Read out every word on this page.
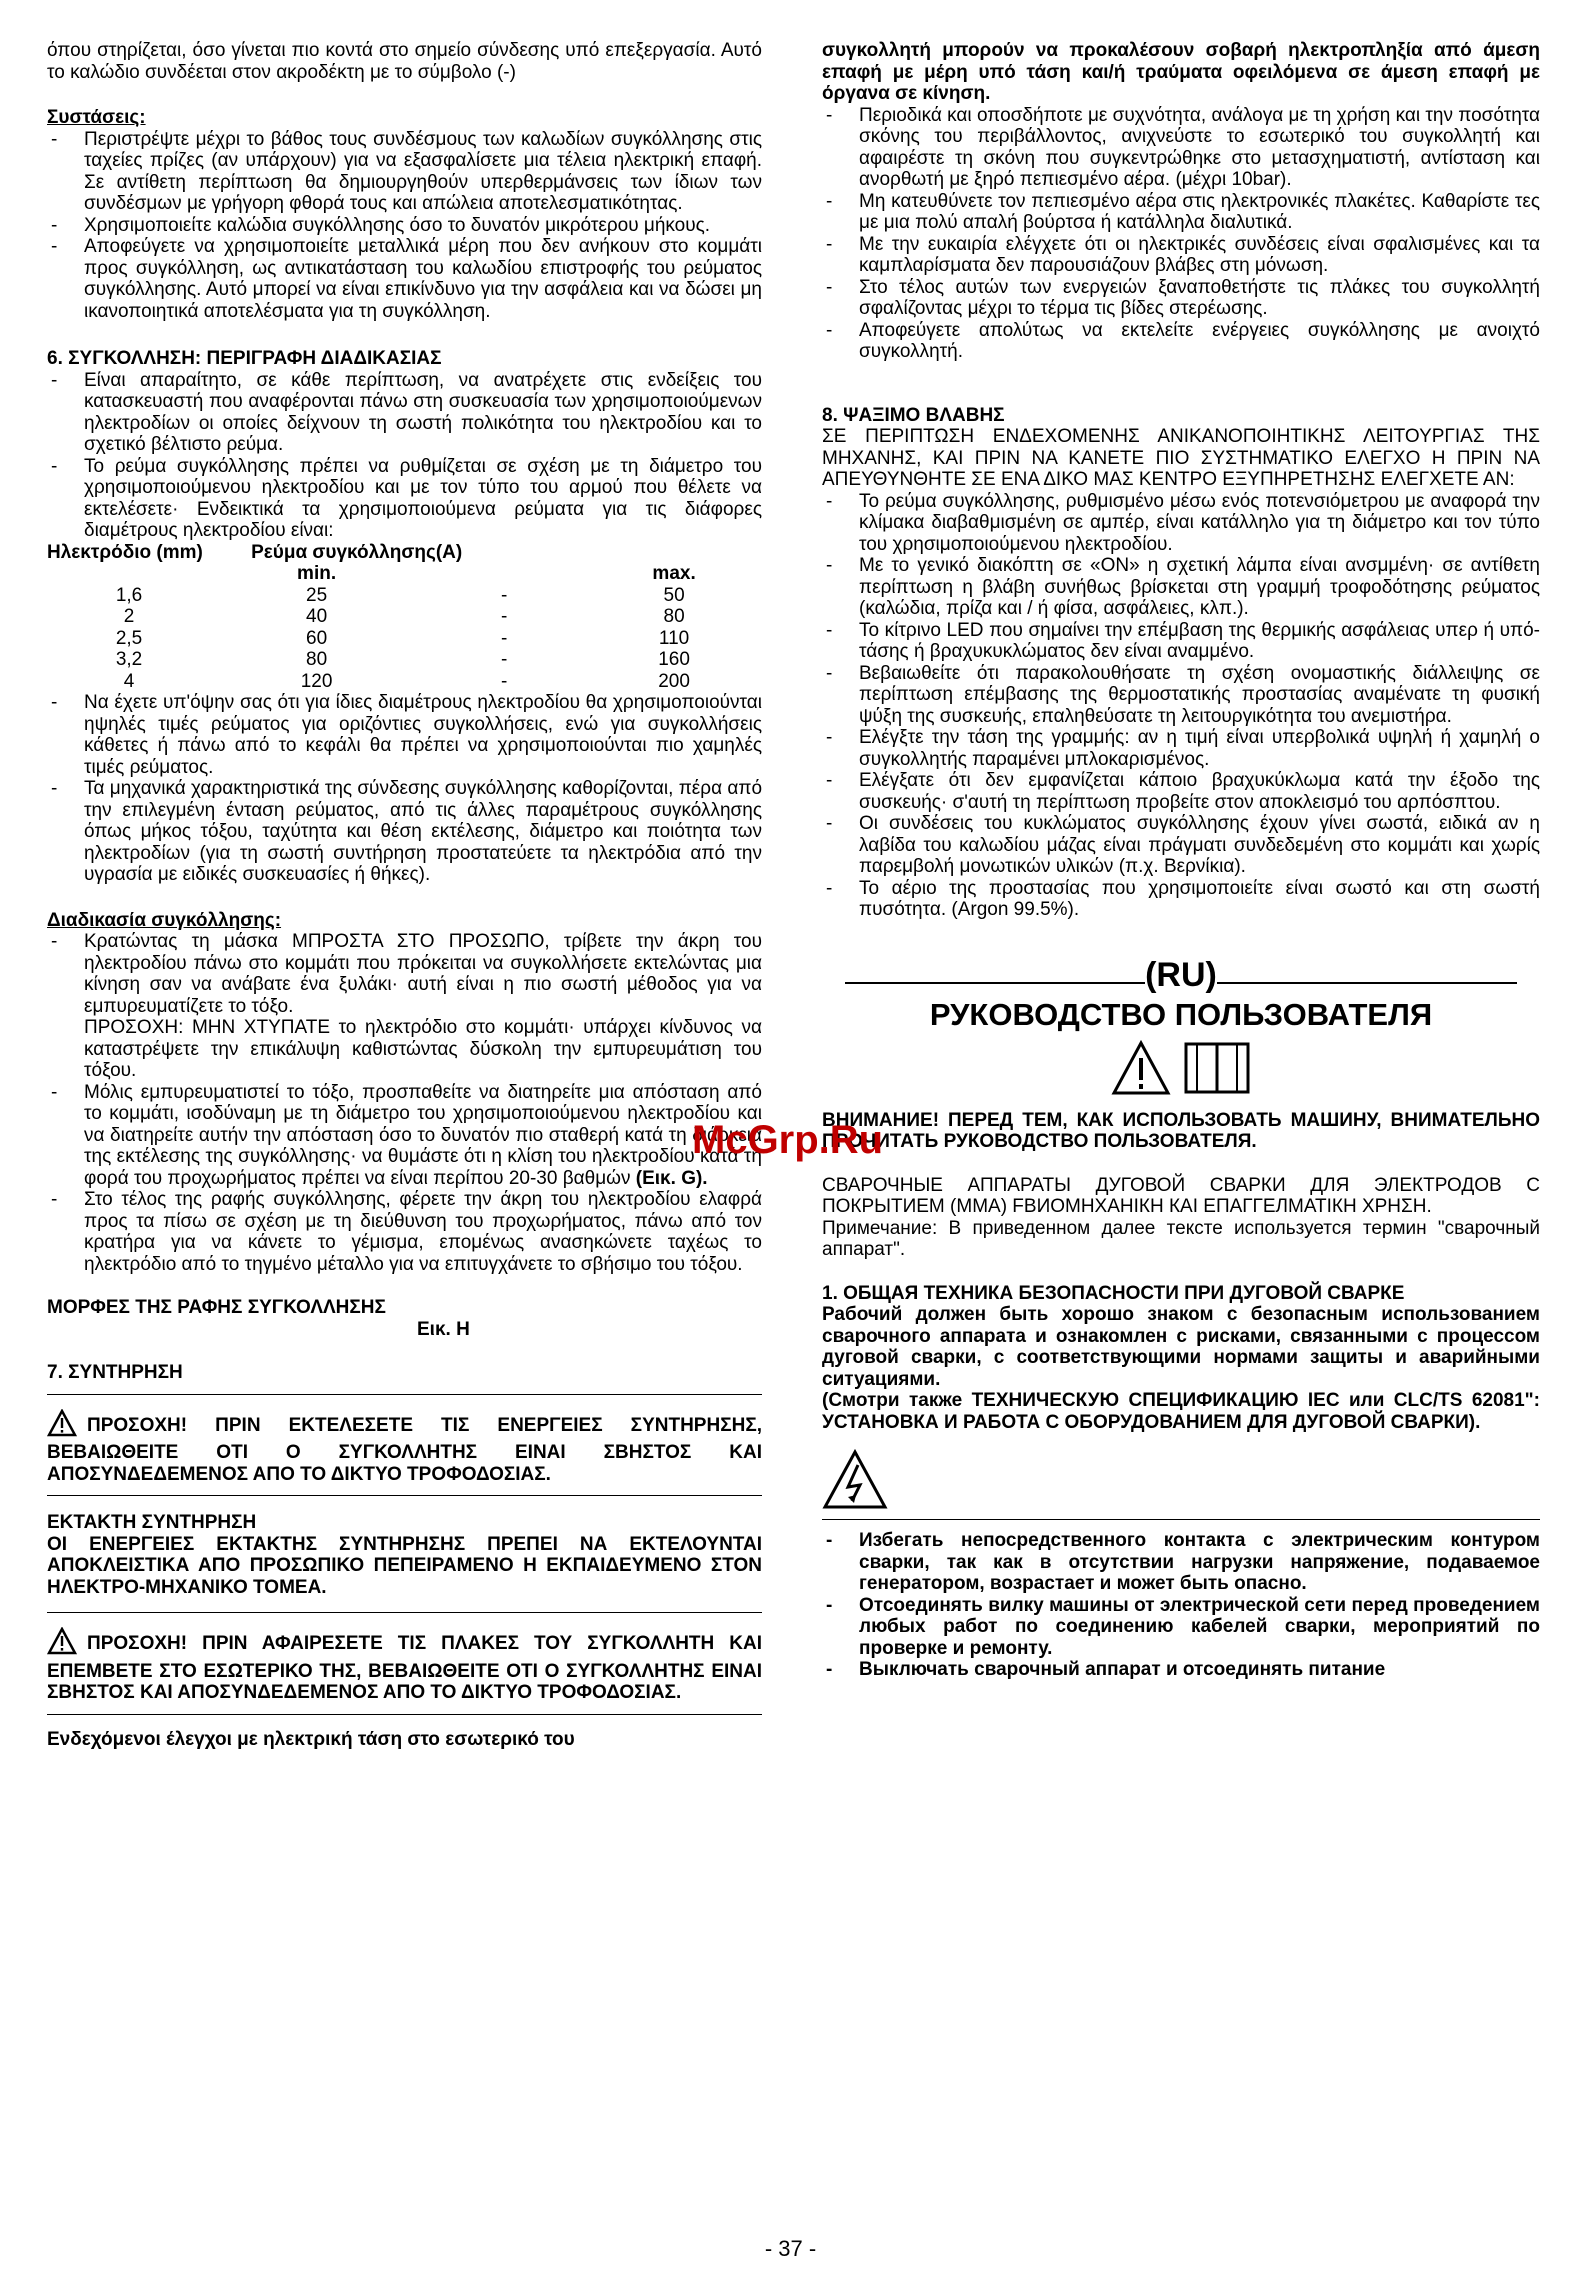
όπου στηρίζεται, όσο γίνεται πιο κοντά στο σημείο σύνδεσης υπό επεξεργασία. Αυτό το καλώδιο συνδέεται στον ακροδέκτη με το σύμβολο (-)

Συστάσεις:
- Περιστρέψτε μέχρι το βάθος τους συνδέσμους των καλωδίων συγκόλλησης στις ταχείες πρίζες (αν υπάρχουν) για να εξασφαλίσετε μια τέλεια ηλεκτρική επαφή. Σε αντίθετη περίπτωση θα δημιουργηθούν υπερθερμάνσεις των ίδιων των συνδέσμων με γρήγορη φθορά τους και απώλεια αποτελεσματικότητας.
- Χρησιμοποιείτε καλώδια συγκόλλησης όσο το δυνατόν μικρότερου μήκους.
- Αποφεύγετε να χρησιμοποιείτε μεταλλικά μέρη που δεν ανήκουν στο κομμάτι προς συγκόλληση, ως αντικατάσταση του καλωδίου επιστροφής του ρεύματος συγκόλλησης. Αυτό μπορεί να είναι επικίνδυνο για την ασφάλεια και να δώσει μη ικανοποιητικά αποτελέσματα για τη συγκόλληση.
6. ΣΥΓΚΟΛΛΗΣΗ: ΠΕΡΙΓΡΑΦΗ ΔΙΑΔΙΚΑΣΙΑΣ
- Είναι απαραίτητο, σε κάθε περίπτωση, να ανατρέχετε στις ενδείξεις του κατασκευαστή που αναφέρονται πάνω στη συσκευασία των χρησιμοποιούμενων ηλεκτροδίων οι οποίες δείχνουν τη σωστή πολικότητα του ηλεκτροδίου και το σχετικό βέλτιστο ρεύμα.
- Το ρεύμα συγκόλλησης πρέπει να ρυθμίζεται σε σχέση με τη διάμετρο του χρησιμοποιούμενου ηλεκτροδίου και με τον τύπο του αρμού που θέλετε να εκτελέσετε· Ενδεικτικά τα χρησιμοποιούμενα ρεύματα για τις διάφορες διαμέτρους ηλεκτροδίου είναι:
Ηλεκτρόδιο (mm)	Ρεύμα συγκόλλησης(A)		
	min.		max.
1,6	25	-	50
2	40	-	80
2,5	60	-	110
3,2	80	-	160
4	120	-	200
- Να έχετε υπ'όψην σας ότι για ίδιες διαμέτρους ηλεκτροδίου θα χρησιμοποιούνται ηψηλές τιμές ρεύματος για οριζόντιες συγκολλήσεις, ενώ για συγκολλήσεις κάθετες ή πάνω από το κεφάλι θα πρέπει να χρησιμοποιούνται πιο χαμηλές τιμές ρεύματος.
- Τα μηχανικά χαρακτηριστικά της σύνδεσης συγκόλλησης καθορίζονται, πέρα από την επιλεγμένη ένταση ρεύματος, από τις άλλες παραμέτρους συγκόλλησης όπως μήκος τόξου, ταχύτητα και θέση εκτέλεσης, διάμετρο και ποιότητα των ηλεκτροδίων (για τη σωστή συντήρηση προστατεύετε τα ηλεκτρόδια από την υγρασία με ειδικές συσκευασίες ή θήκες).
Διαδικασία συγκόλλησης:
- Κρατώντας τη μάσκα ΜΠΡΟΣΤΑ ΣΤΟ ΠΡΟΣΩΠΟ, τρίβετε την άκρη του ηλεκτροδίου πάνω στο κομμάτι που πρόκειται να συγκολλήσετε εκτελώντας μια κίνηση σαν να ανάβατε ένα ξυλάκι· αυτή είναι η πιο σωστή μέθοδος για να εμπυρευματίζετε το τόξο.
ΠΡΟΣΟΧΗ: ΜΗΝ ΧΤΥΠΑΤΕ το ηλεκτρόδιο στο κομμάτι· υπάρχει κίνδυνος να καταστρέψετε την επικάλυψη καθιστώντας δύσκολη την εμπυρευμάτιση του τόξου.
- Μόλις εμπυρευματιστεί το τόξο, προσπαθείτε να διατηρείτε μια απόσταση από το κομμάτι, ισοδύναμη με τη διάμετρο του χρησιμοποιούμενου ηλεκτροδίου και να διατηρείτε αυτήν την απόσταση όσο το δυνατόν πιο σταθερή κατά τη διάρκεια της εκτέλεσης της συγκόλλησης· να θυμάστε ότι η κλίση του ηλεκτροδίου κατά τη φορά του προχωρήματος πρέπει να είναι περίπου 20-30 βαθμών (Εικ. G).
- Στο τέλος της ραφής συγκόλλησης, φέρετε την άκρη του ηλεκτροδίου ελαφρά προς τα πίσω σε σχέση με τη διεύθυνση του προχωρήματος, πάνω από τον κρατήρα για να κάνετε το γέμισμα, επομένως ανασηκώνετε ταχέως το ηλεκτρόδιο από το τηγμένο μέταλλο για να επιτυγχάνετε το σβήσιμο του τόξου.
ΜΟΡΦΕΣ ΤΗΣ ΡΑΦΗΣ ΣΥΓΚΟΛΛΗΣΗΣ
Εικ. H
7. ΣΥΝΤΗΡΗΣΗ

ΠΡΟΣΟΧΗ! ΠΡΙΝ ΕΚΤΕΛΕΣΕΤΕ ΤΙΣ ΕΝΕΡΓΕΙΕΣ ΣΥΝΤΗΡΗΣΗΣ, ΒΕΒΑΙΩΘΕΙΤΕ ΟΤΙ Ο ΣΥΓΚΟΛΛΗΤΗΣ ΕΙΝΑΙ ΣΒΗΣΤΟΣ ΚΑΙ ΑΠΟΣΥΝΔΕΔΕΜΕΝΟΣ ΑΠΟ ΤΟ ΔΙΚΤΥΟ ΤΡΟΦΟΔΟΣΙΑΣ.

ΕΚΤΑΚΤΗ ΣΥΝΤΗΡΗΣΗ

ΟΙ ΕΝΕΡΓΕΙΕΣ ΕΚΤΑΚΤΗΣ ΣΥΝΤΗΡΗΣΗΣ ΠΡΕΠΕΙ ΝΑ ΕΚΤΕΛΟΥΝΤΑΙ ΑΠΟΚΛΕΙΣΤΙΚΑ ΑΠΟ ΠΡΟΣΩΠΙΚΟ ΠΕΠΕΙΡΑΜΕΝΟ Η ΕΚΠΑΙΔΕΥΜΕΝΟ ΣΤΟΝ ΗΛΕΚΤΡΟ-ΜΗΧΑΝΙΚΟ ΤΟΜΕΑ.

ΠΡΟΣΟΧΗ! ΠΡΙΝ ΑΦΑΙΡΕΣΕΤΕ ΤΙΣ ΠΛΑΚΕΣ ΤΟΥ ΣΥΓΚΟΛΛΗΤΗ ΚΑΙ ΕΠΕΜΒΕΤΕ ΣΤΟ ΕΣΩΤΕΡΙΚΟ ΤΗΣ, ΒΕΒΑΙΩΘΕΙΤΕ ΟΤΙ Ο ΣΥΓΚΟΛΛΗΤΗΣ ΕΙΝΑΙ ΣΒΗΣΤΟΣ ΚΑΙ ΑΠΟΣΥΝΔΕΔΕΜΕΝΟΣ ΑΠΟ ΤΟ ΔΙΚΤΥΟ ΤΡΟΦΟΔΟΣΙΑΣ.

Ενδεχόμενοι έλεγχοι με ηλεκτρική τάση στο εσωτερικό του

συγκολλητή μπορούν να προκαλέσουν σοβαρή ηλεκτροπληξία από άμεση επαφή με μέρη υπό τάση και/ή τραύματα οφειλόμενα σε άμεση επαφή με όργανα σε κίνηση.

- Περιοδικά και οποσδήποτε με συχνότητα, ανάλογα με τη χρήση και την ποσότητα σκόνης του περιβάλλοντος, ανιχνεύστε το εσωτερικό του συγκολλητή και αφαιρέστε τη σκόνη που συγκεντρώθηκε στο μετασχηματιστή, αντίσταση και ανορθωτή με ξηρό πεπιεσμένο αέρα. (μέχρι 10bar).
- Μη κατευθύνετε τον πεπιεσμένο αέρα στις ηλεκτρονικές πλακέτες. Καθαρίστε τες με μια πολύ απαλή βούρτσα ή κατάλληλα διαλυτικά.
- Με την ευκαιρία ελέγχετε ότι οι ηλεκτρικές συνδέσεις είναι σφαλισμένες και τα καμπλαρίσματα δεν παρουσιάζουν βλάβες στη μόνωση.
- Στο τέλος αυτών των ενεργειών ξαναποθετήστε τις πλάκες του συγκολλητή σφαλίζοντας μέχρι το τέρμα τις βίδες στερέωσης.
- Αποφεύγετε απολύτως να εκτελείτε ενέργειες συγκόλλησης με ανοιχτό συγκολλητή.
8. ΨΑΞΙΜΟ ΒΛΑΒΗΣ

ΣΕ ΠΕΡΙΠΤΩΣΗ ΕΝΔΕΧΟΜΕΝΗΣ ΑΝΙΚΑΝΟΠΟΙΗΤΙΚΗΣ ΛΕΙΤΟΥΡΓΙΑΣ ΤΗΣ ΜΗΧΑΝΗΣ, ΚΑΙ ΠΡΙΝ ΝΑ ΚΑΝΕΤΕ ΠΙΟ ΣΥΣΤΗΜΑΤΙΚΟ ΕΛΕΓΧΟ Η ΠΡΙΝ ΝΑ ΑΠΕΥΘΥΝΘΗΤΕ ΣΕ ΕΝΑ ΔΙΚΟ ΜΑΣ ΚΕΝΤΡΟ ΕΞΥΠΗΡΕΤΗΣΗΣ ΕΛΕΓΧΕΤΕ ΑΝ:

- Το ρεύμα συγκόλλησης, ρυθμισμένο μέσω ενός ποτενσιόμετρου με αναφορά την κλίμακα διαβαθμισμένη σε αμπέρ, είναι κατάλληλο για τη διάμετρο και τον τύπο του χρησιμοποιούμενου ηλεκτροδίου.
- Με το γενικό διακόπτη σε «ON» η σχετική λάμπα είναι ανσμμένη· σε αντίθετη περίπτωση η βλάβη συνήθως βρίσκεται στη γραμμή τροφοδότησης ρεύματος (καλώδια, πρίζα και / ή φίσα, ασφάλειες, κλπ.).
- Το κίτρινο LED που σημαίνει την επέμβαση της θερμικής ασφάλειας υπερ ή υπό-τάσης ή βραχυκυκλώματος δεν είναι αναμμένο.
- Βεβαιωθείτε ότι παρακολουθήσατε τη σχέση ονομαστικής διάλλειψης σε περίπτωση επέμβασης της θερμοστατικής προστασίας αναμένατε τη φυσική ψύξη της συσκευής, επαληθεύσατε τη λειτουργικότητα του ανεμιστήρα.
- Ελέγξτε την τάση της γραμμής: αν η τιμή είναι υπερβολικά υψηλή ή χαμηλή ο συγκολλητής παραμένει μπλοκαρισμένος.
- Ελέγξατε ότι δεν εμφανίζεται κάποιο βραχυκύκλωμα κατά την έξοδο της συσκευής· σ'αυτή τη περίπτωση προβείτε στον αποκλεισμό του αρπόσπτου.
- Οι συνδέσεις του κυκλώματος συγκόλλησης έχουν γίνει σωστά, ειδικά αν η λαβίδα του καλωδίου μάζας είναι πράγματι συνδεδεμένη στο κομμάτι και χωρίς παρεμβολή μονωτικών υλικών (π.χ. Βερνίκια).
- Το αέριο της προστασίας που χρησιμοποιείτε είναι σωστό και στη σωστή πυσότητα. (Argon 99.5%).
(RU)
РУКОВОДСТВО ПОЛЬЗОВАТЕЛЯ

ВНИМАНИЕ! ПЕРЕД ТЕМ, КАК ИСПОЛЬЗОВАТЬ МАШИНУ, ВНИМАТЕЛЬНО ПРОЧИТАТЬ РУКОВОДСТВО ПОЛЬЗОВАТЕЛЯ.

СВАРОЧНЫЕ АППАРАТЫ ДУГОВОЙ СВАРКИ ДЛЯ ЭЛЕКТРОДОВ С ПОКРЫТИЕМ (MMA) FВИОМНХАНІКН КАІ ЕПАГГЕЛМАТІКН ХРНΣН.

Примечание: В приведенном далее тексте используется термин "сварочный аппарат".

1. ОБЩАЯ ТЕХНИКА БЕЗОПАСНОСТИ ПРИ ДУГОВОЙ СВАРКЕ

Рабочий должен быть хорошо знаком с безопасным использованием сварочного аппарата и ознакомлен с рисками, связанными с процессом дуговой сварки, с соответствующими нормами защиты и аварийными ситуациями.

(Смотри также ТЕХНИЧЕСКУЮ СПЕЦИФИКАЦИЮ IEC или CLC/TS 62081": УСТАНОВКА И РАБОТА С ОБОРУДОВАНИЕМ ДЛЯ ДУГОВОЙ СВАРКИ).

- Избегать непосредственного контакта с электрическим контуром сварки, так как в отсутствии нагрузки напряжение, подаваемое генератором, возрастает и может быть опасно.
- Отсоединять вилку машины от электрической сети перед проведением любых работ по соединению кабелей сварки, мероприятий по проверке и ремонту.
- Выключать сварочный аппарат и отсоединять питание
McGrp.Ru
- 37 -
